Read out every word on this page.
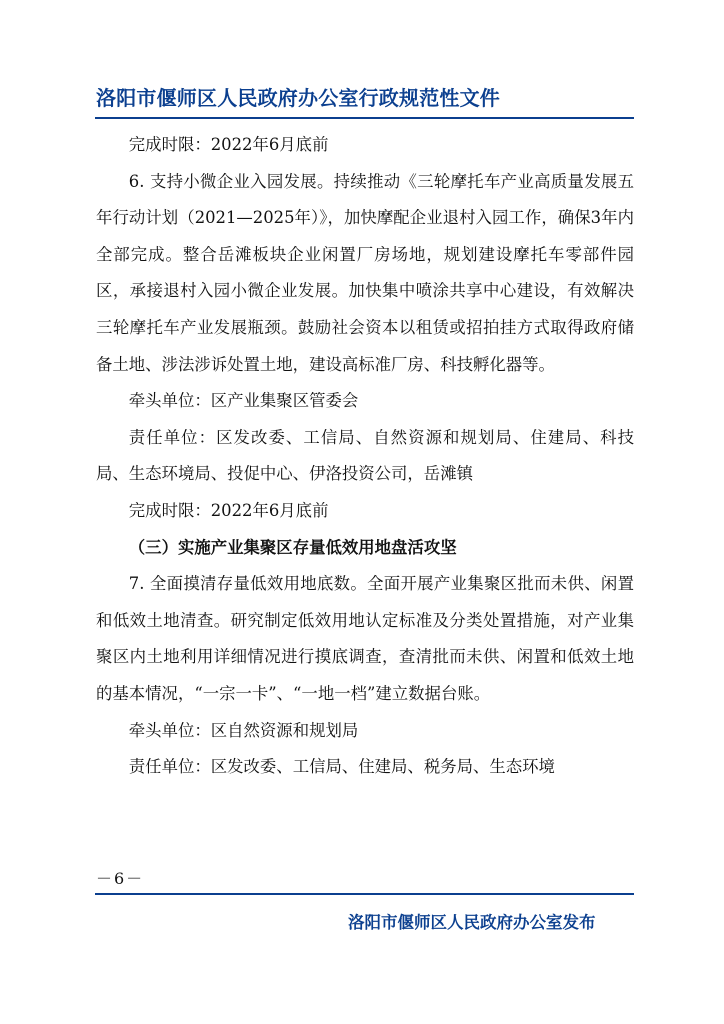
洛阳市偃师区人民政府办公室行政规范性文件

完成时限：2022年6月底前

6. 支持小微企业入园发展。持续推动《三轮摩托车产业高质量发展五年行动计划（2021—2025年）》，加快摩配企业退村入园工作，确保3年内全部完成。整合岳滩板块企业闲置厂房场地，规划建设摩托车零部件园区，承接退村入园小微企业发展。加快集中喷涂共享中心建设，有效解决三轮摩托车产业发展瓶颈。鼓励社会资本以租赁或招拍挂方式取得政府储备土地、涉法涉诉处置土地，建设高标准厂房、科技孵化器等。

牵头单位：区产业集聚区管委会

责任单位：区发改委、工信局、自然资源和规划局、住建局、科技局、生态环境局、投促中心、伊洛投资公司，岳滩镇

完成时限：2022年6月底前

（三）实施产业集聚区存量低效用地盘活攻坚

7. 全面摸清存量低效用地底数。全面开展产业集聚区批而未供、闲置和低效土地清查。研究制定低效用地认定标准及分类处置措施，对产业集聚区内土地利用详细情况进行摸底调查，查清批而未供、闲置和低效土地的基本情况，“一宗一卡”、“一地一档”建立数据台账。

牵头单位：区自然资源和规划局

责任单位：区发改委、工信局、住建局、税务局、生态环境

－6－
洛阳市偃师区人民政府办公室发布
